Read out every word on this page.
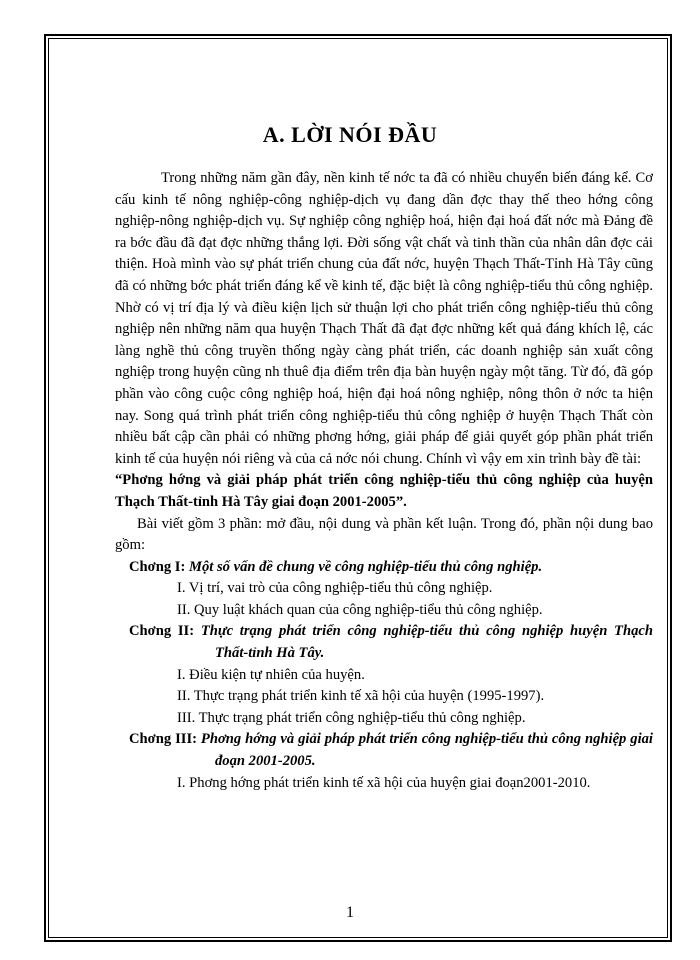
A. LỜI NÓI ĐẦU

Trong những năm gần đây, nền kinh tế nớc ta đã có nhiều chuyển biến đáng kể. Cơ cấu kinh tế nông nghiệp-công nghiệp-dịch vụ đang dần đợc thay thế theo hớng công nghiệp-nông nghiệp-dịch vụ. Sự nghiệp công nghiệp hoá, hiện đại hoá đất nớc mà Đảng đề ra bớc đầu đã đạt đợc những thắng lợi. Đời sống vật chất và tinh thần của nhân dân đợc cải thiện. Hoà mình vào sự phát triển chung của đất nớc, huyện Thạch Thất-Tỉnh Hà Tây cũng đã có những bớc phát triển đáng kể về kinh tế, đặc biệt là công nghiệp-tiểu thủ công nghiệp. Nhờ có vị trí địa lý và điều kiện lịch sử thuận lợi cho phát triển công nghiệp-tiểu thủ công nghiệp nên những năm qua huyện Thạch Thất đã đạt đợc những kết quả đáng khích lệ, các làng nghề thủ công truyền thống ngày càng phát triển, các doanh nghiệp sản xuất công nghiệp trong huyện cũng nh thuê địa điểm trên địa bàn huyện ngày một tăng. Từ đó, đã góp phần vào công cuộc công nghiệp hoá, hiện đại hoá nông nghiệp, nông thôn ở nớc ta hiện nay. Song quá trình phát triển công nghiệp-tiểu thủ công nghiệp ở huyện Thạch Thất còn nhiều bất cập cần phải có những phơng hớng, giải pháp để giải quyết góp phần phát triển kinh tế của huyện nói riêng và của cả nớc nói chung. Chính vì vậy em xin trình bày đề tài:

“Phơng hớng và giải pháp phát triển công nghiệp-tiểu thủ công nghiệp của huyện Thạch Thất-tỉnh Hà Tây giai đoạn 2001-2005”.

Bài viết gồm 3 phần: mở đầu, nội dung và phần kết luận. Trong đó, phần nội dung bao gồm:

Chơng I: Một số vấn đề chung về công nghiệp-tiểu thủ công nghiệp.

I. Vị trí, vai trò của công nghiệp-tiểu thủ công nghiệp.

II. Quy luật khách quan của công nghiệp-tiểu thủ công nghiệp.

Chơng II: Thực trạng phát triển công nghiệp-tiểu thủ công nghiệp huyện Thạch Thất-tỉnh Hà Tây.

I. Điều kiện tự nhiên của huyện.

II. Thực trạng phát triển kinh tế xã hội của huyện (1995-1997).

III. Thực trạng phát triển công nghiệp-tiểu thủ công nghiệp.

Chơng III: Phơng hớng và giải pháp phát triển công nghiệp-tiểu thủ công nghiệp giai đoạn 2001-2005.

I. Phơng hớng phát triển kinh tế xã hội của huyện giai đoạn2001-2010.

1
